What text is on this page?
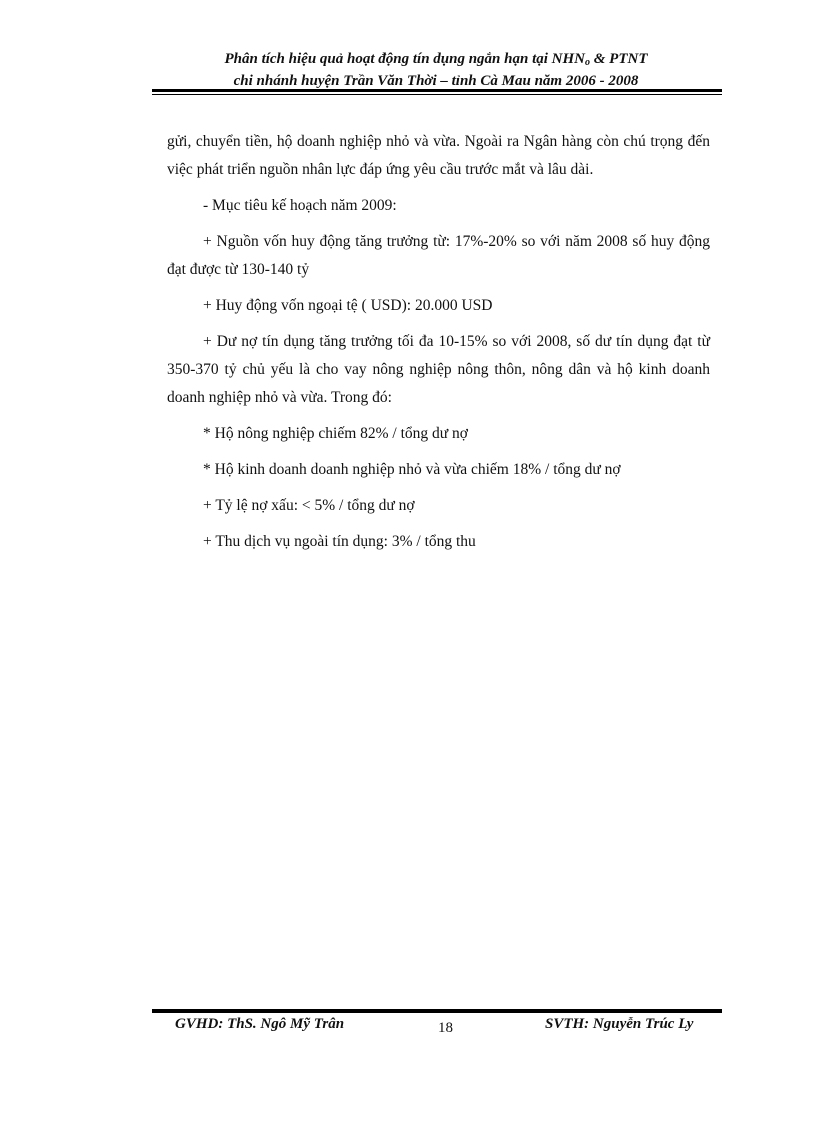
Phân tích hiệu quả hoạt động tín dụng ngắn hạn tại $NHN_o$ & PTNT
chi nhánh huyện Trần Văn Thời – tỉnh Cà Mau năm 2006 - 2008

gửi, chuyển tiền, hộ doanh nghiệp nhỏ và vừa. Ngoài ra Ngân hàng còn chú trọng đến việc phát triển nguồn nhân lực đáp ứng yêu cầu trước mắt và lâu dài.

- Mục tiêu kế hoạch năm 2009:

+ Nguồn vốn huy động tăng trưởng từ: 17%-20% so với năm 2008 số huy động đạt được từ 130-140 tỷ

+ Huy động vốn ngoại tệ ( USD): 20.000 USD

+ Dư nợ tín dụng tăng trưởng tối đa 10-15% so với 2008, số dư tín dụng đạt từ 350-370 tỷ chủ yếu là cho vay nông nghiệp nông thôn, nông dân và hộ kinh doanh doanh nghiệp nhỏ và vừa. Trong đó:

* Hộ nông nghiệp chiếm 82% / tổng dư nợ

* Hộ kinh doanh doanh nghiệp nhỏ và vừa chiếm 18% / tổng dư nợ

+ Tỷ lệ nợ xấu: < 5% / tổng dư nợ

+ Thu dịch vụ ngoài tín dụng: 3% / tổng thu

GVHD: ThS. Ngô Mỹ Trân	18	SVTH: Nguyễn Trúc Ly
